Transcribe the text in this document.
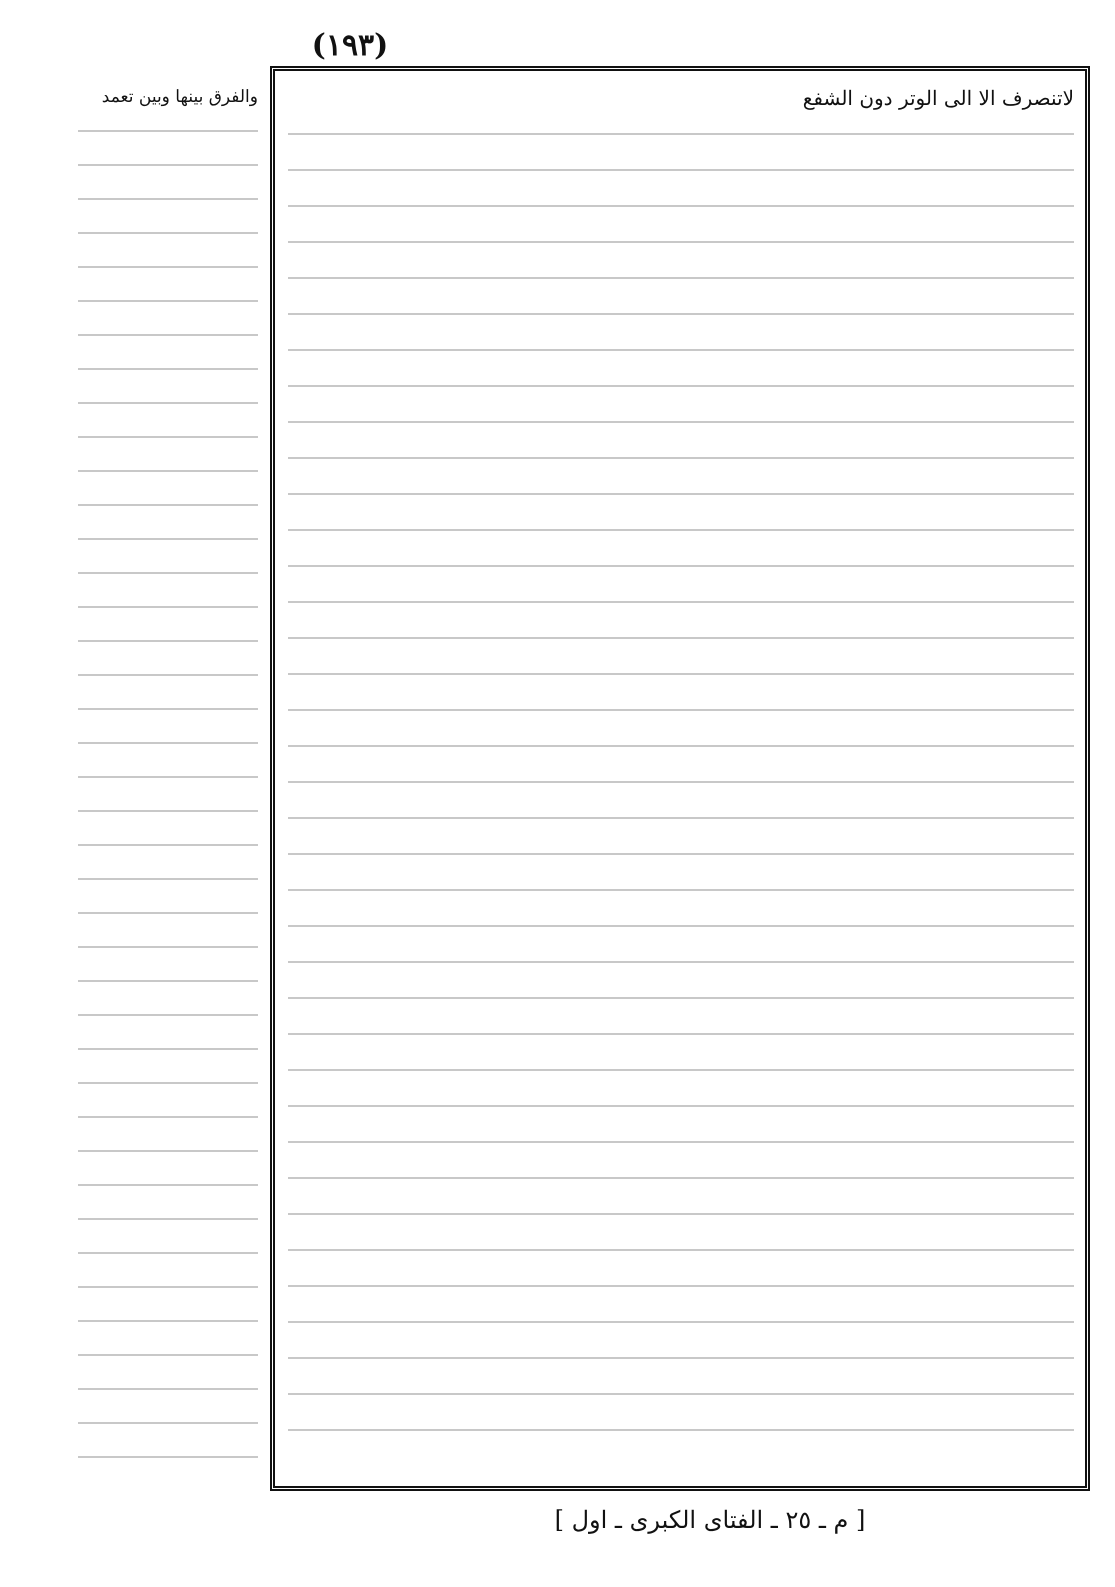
(١٩٣)
لاتنصرف الا الى الوتر دون الشفع
والفرق بينها وبين تعمد
[ م ـ ٢٥ ـ الفتاى الكبرى ـ اول ]
